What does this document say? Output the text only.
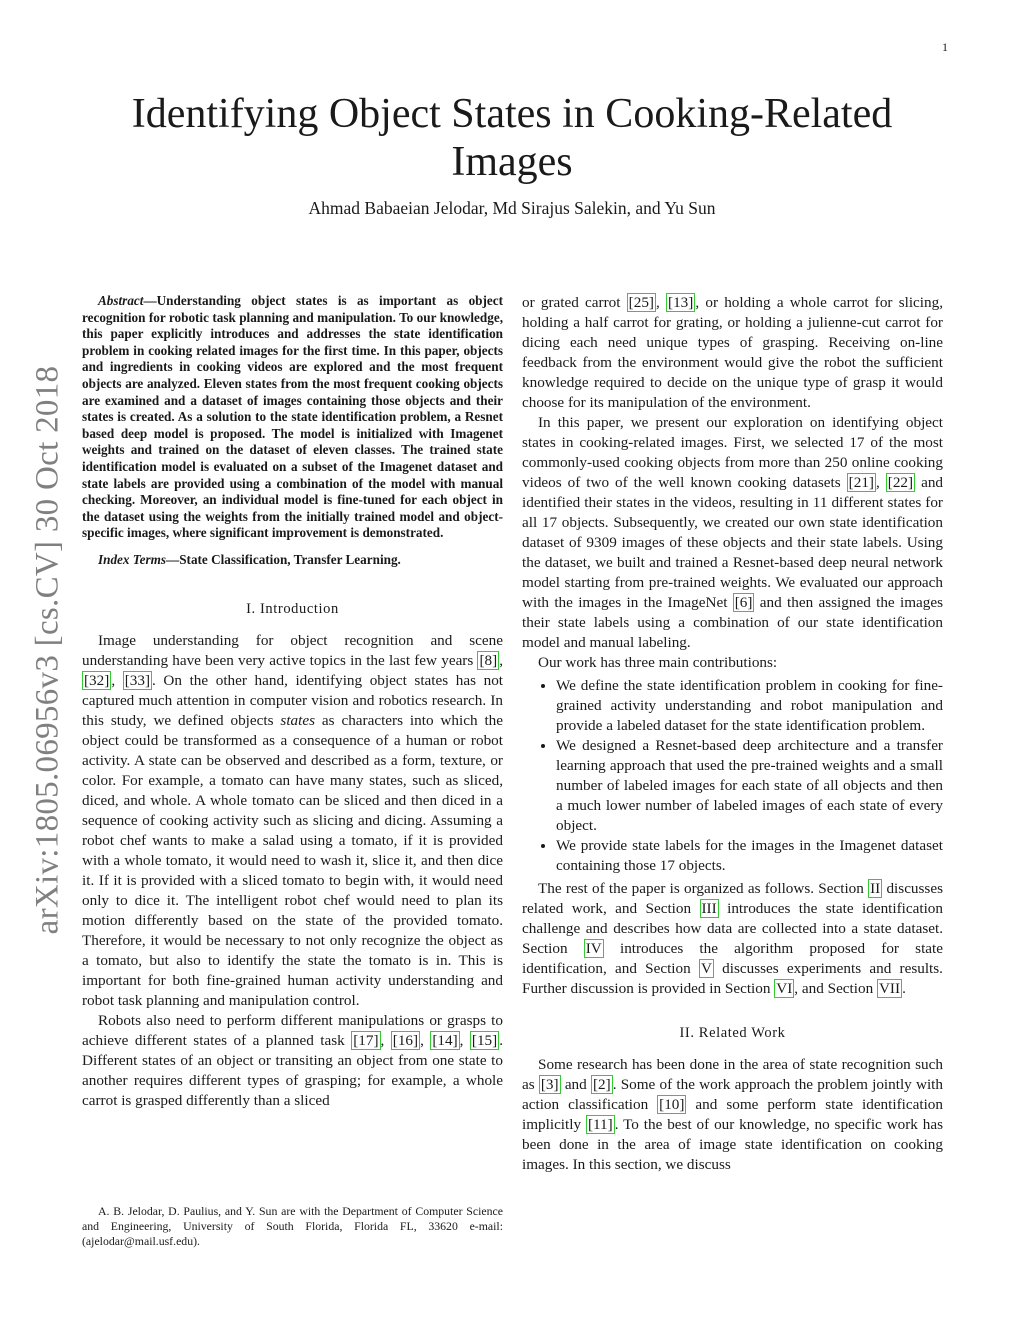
1
arXiv:1805.06956v3 [cs.CV] 30 Oct 2018
Identifying Object States in Cooking-Related Images
Ahmad Babaeian Jelodar, Md Sirajus Salekin, and Yu Sun

Abstract—Understanding object states is as important as object recognition for robotic task planning and manipulation. To our knowledge, this paper explicitly introduces and addresses the state identification problem in cooking related images for the first time. In this paper, objects and ingredients in cooking videos are explored and the most frequent objects are analyzed. Eleven states from the most frequent cooking objects are examined and a dataset of images containing those objects and their states is created. As a solution to the state identification problem, a Resnet based deep model is proposed. The model is initialized with Imagenet weights and trained on the dataset of eleven classes. The trained state identification model is evaluated on a subset of the Imagenet dataset and state labels are provided using a combination of the model with manual checking. Moreover, an individual model is fine-tuned for each object in the dataset using the weights from the initially trained model and object-specific images, where significant improvement is demonstrated.

Index Terms—State Classification, Transfer Learning.

I. Introduction

Image understanding for object recognition and scene understanding have been very active topics in the last few years [8] , [32] , [33] . On the other hand, identifying object states has not captured much attention in computer vision and robotics research. In this study, we defined objects states as characters into which the object could be transformed as a consequence of a human or robot activity. A state can be observed and described as a form, texture, or color. For example, a tomato can have many states, such as sliced, diced, and whole. A whole tomato can be sliced and then diced in a sequence of cooking activity such as slicing and dicing. Assuming a robot chef wants to make a salad using a tomato, if it is provided with a whole tomato, it would need to wash it, slice it, and then dice it. If it is provided with a sliced tomato to begin with, it would need only to dice it. The intelligent robot chef would need to plan its motion differently based on the state of the provided tomato. Therefore, it would be necessary to not only recognize the object as a tomato, but also to identify the state the tomato is in. This is important for both fine-grained human activity understanding and robot task planning and manipulation control.

Robots also need to perform different manipulations or grasps to achieve different states of a planned task [17] , [16] , [14] , [15] . Different states of an object or transiting an object from one state to another requires different types of grasping; for example, a whole carrot is grasped differently than a sliced

A. B. Jelodar, D. Paulius, and Y. Sun are with the Department of Computer Science and Engineering, University of South Florida, Florida FL, 33620 e-mail: (ajelodar@mail.usf.edu).

or grated carrot [25] , [13] , or holding a whole carrot for slicing, holding a half carrot for grating, or holding a julienne-cut carrot for dicing each need unique types of grasping. Receiving on-line feedback from the environment would give the robot the sufficient knowledge required to decide on the unique type of grasp it would choose for its manipulation of the environment.

In this paper, we present our exploration on identifying object states in cooking-related images. First, we selected 17 of the most commonly-used cooking objects from more than 250 online cooking videos of two of the well known cooking datasets [21] , [22] and identified their states in the videos, resulting in 11 different states for all 17 objects. Subsequently, we created our own state identification dataset of 9309 images of these objects and their state labels. Using the dataset, we built and trained a Resnet-based deep neural network model starting from pre-trained weights. We evaluated our approach with the images in the ImageNet [6] and then assigned the images their state labels using a combination of our state identification model and manual labeling.

Our work has three main contributions:

• We define the state identification problem in cooking for fine-grained activity understanding and robot manipulation and provide a labeled dataset for the state identification problem.
• We designed a Resnet-based deep architecture and a transfer learning approach that used the pre-trained weights and a small number of labeled images for each state of all objects and then a much lower number of labeled images of each state of every object.
• We provide state labels for the images in the Imagenet dataset containing those 17 objects.

The rest of the paper is organized as follows. Section II discusses related work, and Section III introduces the state identification challenge and describes how data are collected into a state dataset. Section IV introduces the algorithm proposed for state identification, and Section V discusses experiments and results. Further discussion is provided in Section VI , and Section VII .

II. Related Work

Some research has been done in the area of state recognition such as [3] and [2] . Some of the work approach the problem jointly with action classification [10] and some perform state identification implicitly [11] . To the best of our knowledge, no specific work has been done in the area of image state identification on cooking images. In this section, we discuss
